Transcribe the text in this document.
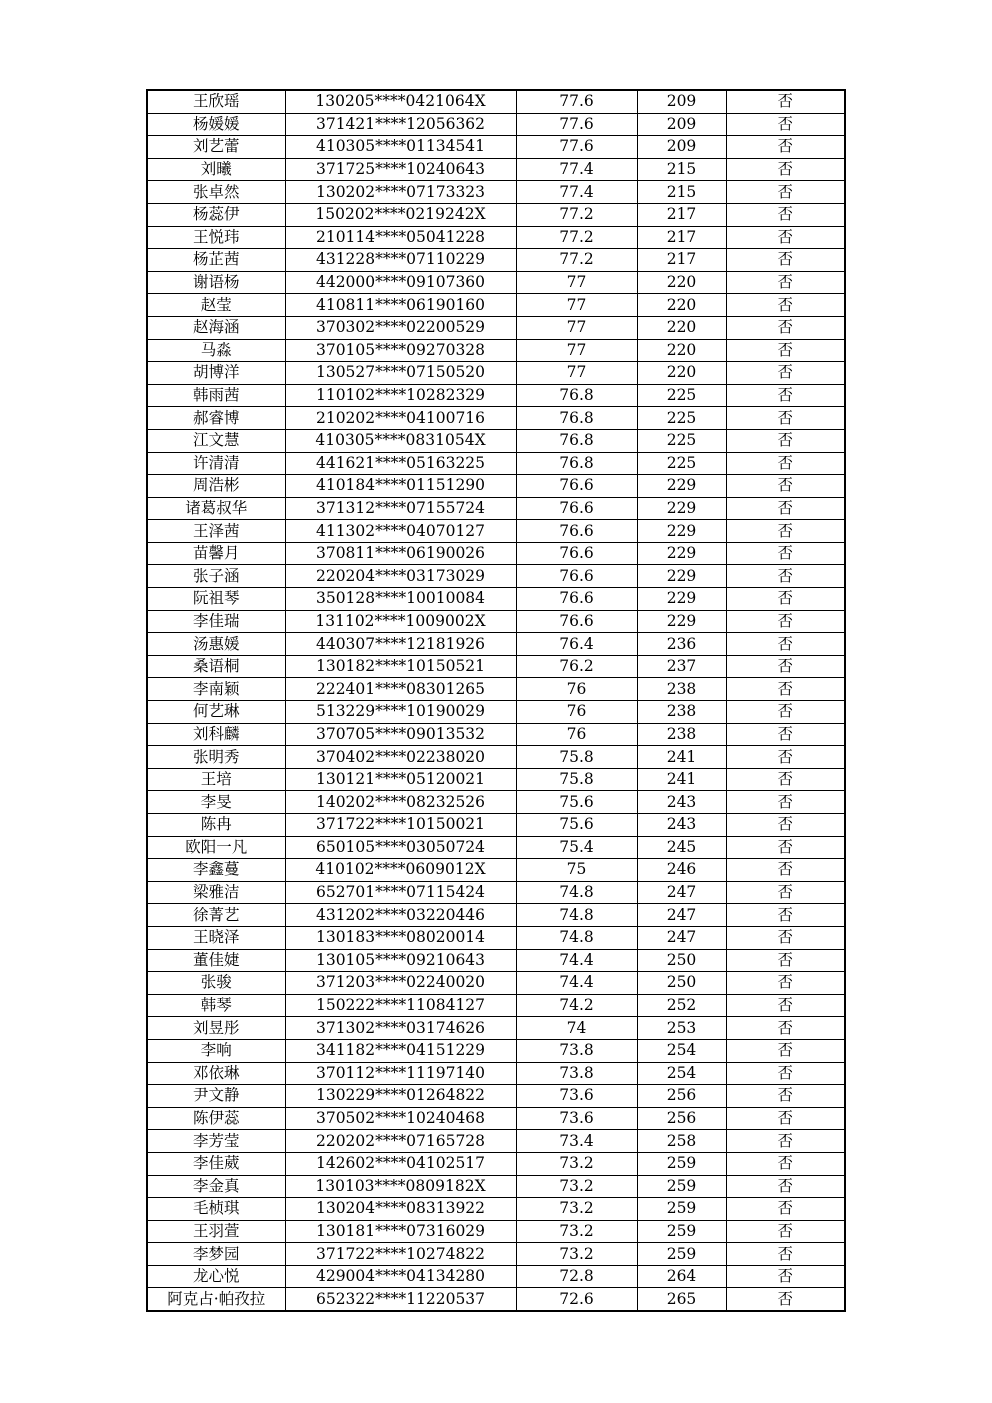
王欣瑶	130205****0421064X	77.6	209	否
杨媛媛	371421****12056362	77.6	209	否
刘艺蕾	410305****01134541	77.6	209	否
刘曦	371725****10240643	77.4	215	否
张卓然	130202****07173323	77.4	215	否
杨蕊伊	150202****0219242X	77.2	217	否
王悦玮	210114****05041228	77.2	217	否
杨芷茜	431228****07110229	77.2	217	否
谢语杨	442000****09107360	77	220	否
赵莹	410811****06190160	77	220	否
赵海涵	370302****02200529	77	220	否
马淼	370105****09270328	77	220	否
胡博洋	130527****07150520	77	220	否
韩雨茜	110102****10282329	76.8	225	否
郝睿博	210202****04100716	76.8	225	否
江文慧	410305****0831054X	76.8	225	否
许清清	441621****05163225	76.8	225	否
周浩彬	410184****01151290	76.6	229	否
诸葛叔华	371312****07155724	76.6	229	否
王泽茜	411302****04070127	76.6	229	否
苗馨月	370811****06190026	76.6	229	否
张子涵	220204****03173029	76.6	229	否
阮祖琴	350128****10010084	76.6	229	否
李佳瑞	131102****1009002X	76.6	229	否
汤惠媛	440307****12181926	76.4	236	否
桑语桐	130182****10150521	76.2	237	否
李南颖	222401****08301265	76	238	否
何艺琳	513229****10190029	76	238	否
刘科麟	370705****09013532	76	238	否
张明秀	370402****02238020	75.8	241	否
王培	130121****05120021	75.8	241	否
李旻	140202****08232526	75.6	243	否
陈冉	371722****10150021	75.6	243	否
欧阳一凡	650105****03050724	75.4	245	否
李鑫蔓	410102****0609012X	75	246	否
梁雅洁	652701****07115424	74.8	247	否
徐菁艺	431202****03220446	74.8	247	否
王晓泽	130183****08020014	74.8	247	否
董佳婕	130105****09210643	74.4	250	否
张骏	371203****02240020	74.4	250	否
韩琴	150222****11084127	74.2	252	否
刘昱彤	371302****03174626	74	253	否
李响	341182****04151229	73.8	254	否
邓依琳	370112****11197140	73.8	254	否
尹文静	130229****01264822	73.6	256	否
陈伊蕊	370502****10240468	73.6	256	否
李芳莹	220202****07165728	73.4	258	否
李佳葳	142602****04102517	73.2	259	否
李金真	130103****0809182X	73.2	259	否
毛桢琪	130204****08313922	73.2	259	否
王羽萱	130181****07316029	73.2	259	否
李梦园	371722****10274822	73.2	259	否
龙心悦	429004****04134280	72.8	264	否
阿克占·帕孜拉	652322****11220537	72.6	265	否
